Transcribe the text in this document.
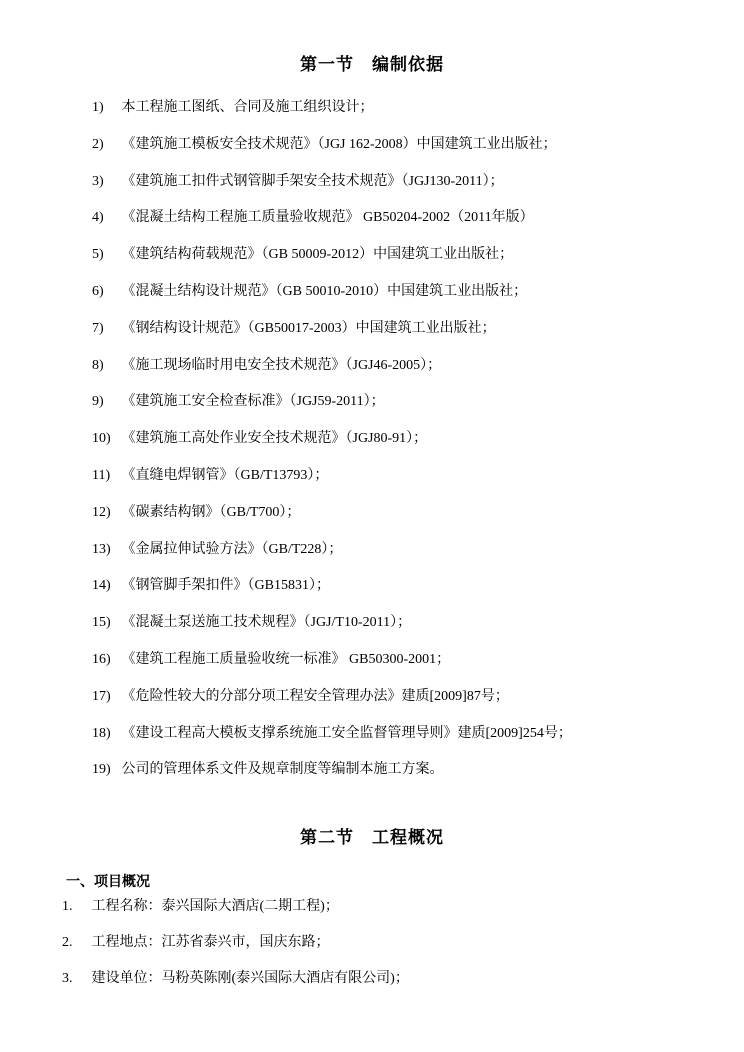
第一节　编制依据
1) 本工程施工图纸、合同及施工组织设计；
2) 《建筑施工模板安全技术规范》（JGJ 162-2008）中国建筑工业出版社；
3) 《建筑施工扣件式钢管脚手架安全技术规范》（JGJ130-2011）；
4) 《混凝土结构工程施工质量验收规范》 GB50204-2002（2011年版）
5) 《建筑结构荷载规范》（GB 50009-2012）中国建筑工业出版社；
6) 《混凝土结构设计规范》（GB 50010-2010）中国建筑工业出版社；
7) 《钢结构设计规范》（GB50017-2003）中国建筑工业出版社；
8) 《施工现场临时用电安全技术规范》（JGJ46-2005）；
9) 《建筑施工安全检查标准》（JGJ59-2011）；
10) 《建筑施工高处作业安全技术规范》（JGJ80-91）；
11) 《直缝电焊钢管》（GB/T13793）；
12) 《碳素结构钢》（GB/T700）；
13) 《金属拉伸试验方法》（GB/T228）；
14) 《钢管脚手架扣件》（GB15831）；
15) 《混凝土泵送施工技术规程》（JGJ/T10-2011）；
16) 《建筑工程施工质量验收统一标准》 GB50300-2001；
17) 《危险性较大的分部分项工程安全管理办法》建质[2009]87号；
18) 《建设工程高大模板支撑系统施工安全监督管理导则》建质[2009]254号；
19) 公司的管理体系文件及规章制度等编制本施工方案。
第二节　工程概况
一、项目概况
1. 工程名称：泰兴国际大酒店(二期工程)；
2. 工程地点：江苏省泰兴市，国庆东路；
3. 建设单位：马粉英陈刚(泰兴国际大酒店有限公司)；
